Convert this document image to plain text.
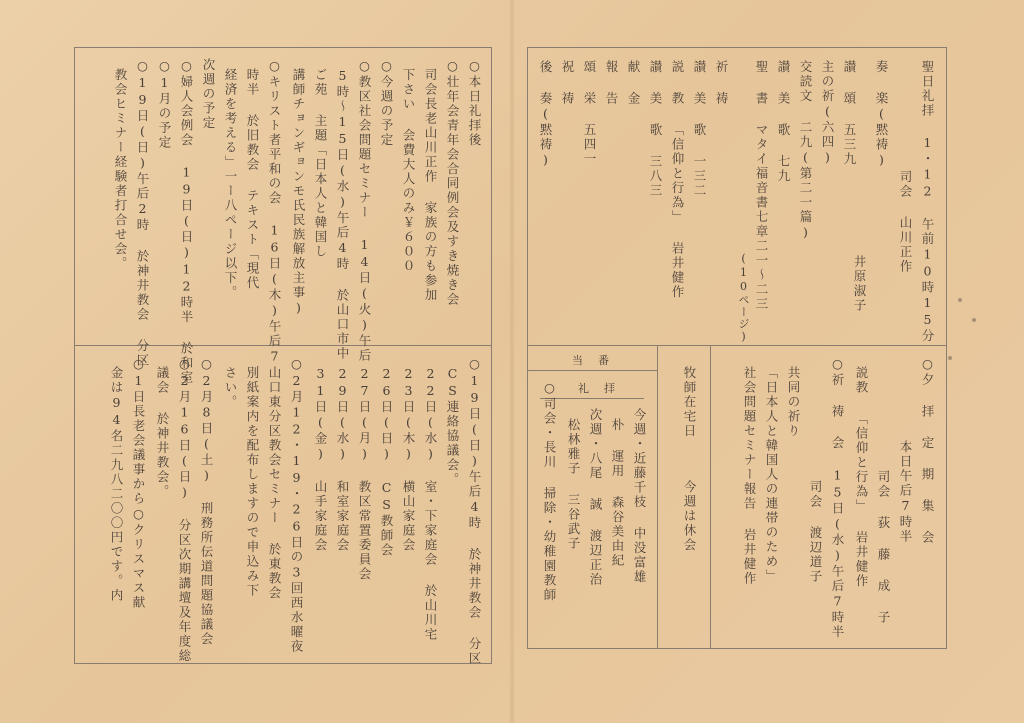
○本日礼拝後
○壮年会青年会合同例会及すき焼き会
司会長老山川正作 家族の方も参加
下さい 会費大人のみ￥６００
○今週の予定
○教区社会問題セミナー 14日(火)午后
5時〜15日(水)午后4時 於山口市中
ご苑 主題「日本人と韓国し
講師チョンギョンモ氏民族解放主事)
○キリスト者平和の会 16日(木)午后7
時半 於旧教会 テキスト「現代
経済を考える」一ー八ページ以下。
次週の予定
○婦人会例会 19日(日)12時半 於和室
○1月の予定
○19日(日)午后2時 於神井教会 分区
教会ヒミナー経験者打合せ会。
○19日(日)午后4時 於神井教会 分区
CS連絡協議会。
22日(水) 室・下家庭会 於山川宅
23日(木) 横山家庭会
26日(日) CS教師会
27日(月) 教区常置委員会
29日(水) 和室家庭会
31日(金) 山手家庭会
○2月12・19・26日の3回西水曜夜
山口東分区教会セミナー 於東教会
別紙案内を配布しますので申込み下
さい。
○2月8日(土) 刑務所伝道問題協議会
○2月16日(日) 分区次期講壇及年度総
議会 於神井教会。
○1日長老会議事から○クリスマス献
金は94名二九八二〇〇円です。内
聖日礼拝 1・12 午前10時15分
司会 山川正作
奏 楽(黙祷)
井原淑子
讃 頌 五三九
主の祈(六四)
交読文 二九(第二一篇)
讃 美 歌 七九
聖 書 マタイ福音書七章二一〜二三
(10ページ)
祈 祷
讃 美 歌 一三二
説 教 「信仰と行為」 岩井健作
讃 美 歌 三八三
献 金
報 告
頌 栄 五四一
祝 祷
後 奏(黙祷)
○夕 拝 定 期 集 会
本日午后7時半
司会 荻 藤 成 子
説教 「信仰と行為」 岩井健作
○祈 祷 会 15日(水)午后7時半
司会 渡辺道子
共同の祈り
「日本人と韓国人の連帯のため」
社会問題セミナー報告 岩井健作
牧師在宅日
今週は休会
当　番
礼　拝
今週・近藤千枝 中没富雄
朴 運用 森谷美由紀
次週・八尾 誠 渡辺正治
松林雅子 三谷武子
○司会・長川 掃除・幼稚園教師
